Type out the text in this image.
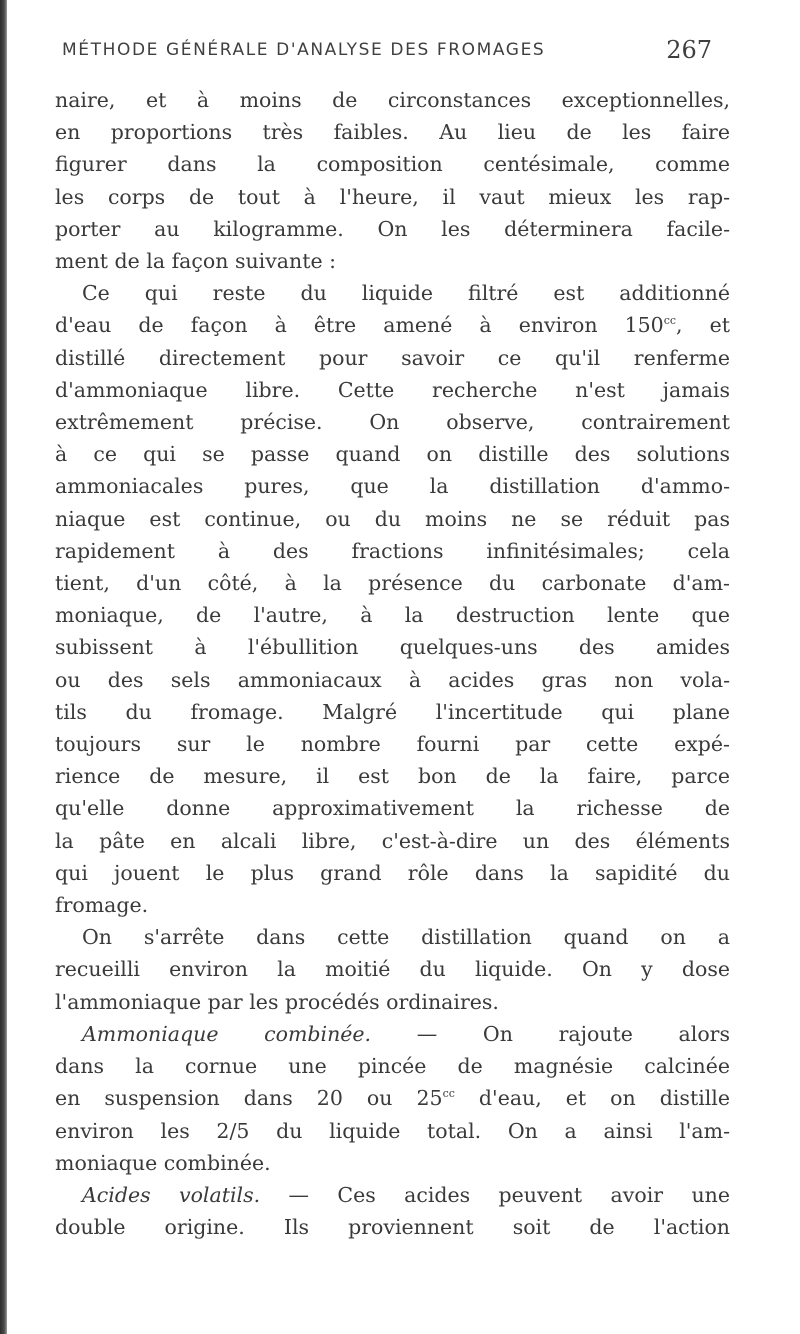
MÉTHODE GÉNÉRALE D'ANALYSE DES FROMAGES	267
naire, et à moins de circonstances exceptionnelles,
en proportions très faibles. Au lieu de les faire
figurer dans la composition centésimale, comme
les corps de tout à l'heure, il vaut mieux les rap-
porter au kilogramme. On les déterminera facile-
ment de la façon suivante :
Ce qui reste du liquide filtré est additionné
d'eau de façon à être amené à environ $150^{cc}$, et
distillé directement pour savoir ce qu'il renferme
d'ammoniaque libre. Cette recherche n'est jamais
extrêmement précise. On observe, contrairement
à ce qui se passe quand on distille des solutions
ammoniacales pures, que la distillation d'ammo-
niaque est continue, ou du moins ne se réduit pas
rapidement à des fractions infinitésimales; cela
tient, d'un côté, à la présence du carbonate d'am-
moniaque, de l'autre, à la destruction lente que
subissent à l'ébullition quelques-uns des amides
ou des sels ammoniacaux à acides gras non vola-
tils du fromage. Malgré l'incertitude qui plane
toujours sur le nombre fourni par cette expé-
rience de mesure, il est bon de la faire, parce
qu'elle donne approximativement la richesse de
la pâte en alcali libre, c'est-à-dire un des éléments
qui jouent le plus grand rôle dans la sapidité du
fromage.
On s'arrête dans cette distillation quand on a
recueilli environ la moitié du liquide. On y dose
l'ammoniaque par les procédés ordinaires.
Ammoniaque combinée. — On rajoute alors
dans la cornue une pincée de magnésie calcinée
en suspension dans 20 ou $25^{cc}$ d'eau, et on distille
environ les 2/5 du liquide total. On a ainsi l'am-
moniaque combinée.
Acides volatils. — Ces acides peuvent avoir une
double origine. Ils proviennent soit de l'action
